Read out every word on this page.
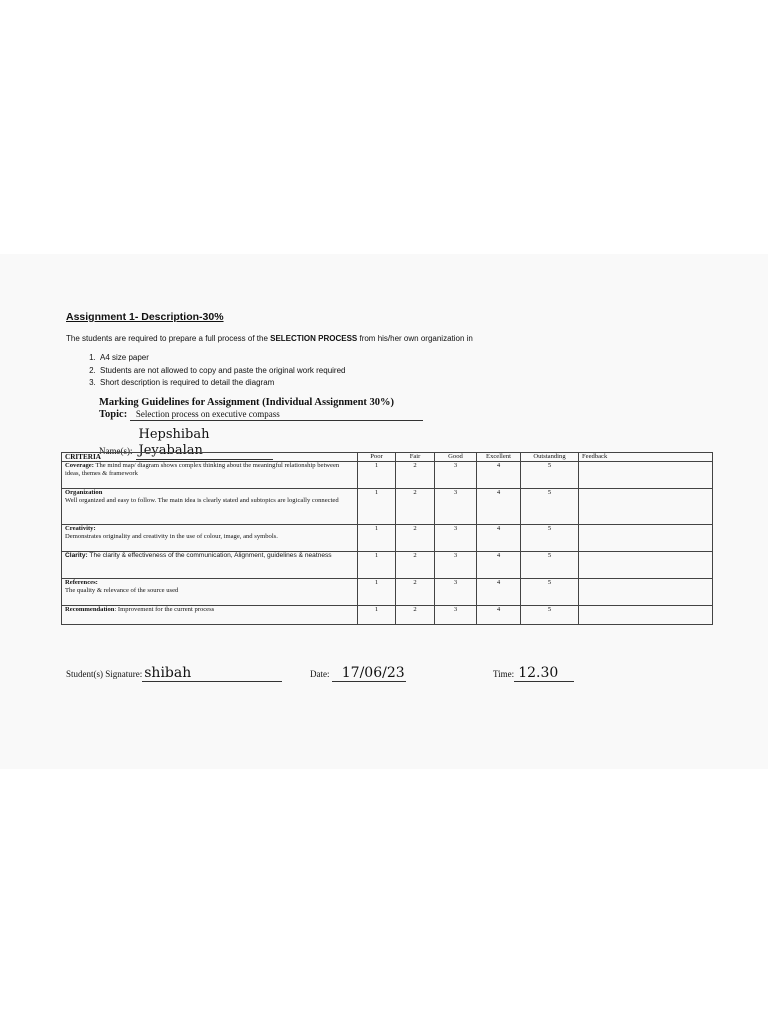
Assignment 1- Description-30%
The students are required to prepare a full process of the SELECTION PROCESS from his/her own organization in
1. A4 size paper
2. Students are not allowed to copy and paste the original work required
3. Short description is required to detail the diagram
Marking Guidelines for Assignment (Individual Assignment 30%)
Topic: Selection process on executive compass
Name(s):Hepshibah Jeyabalan
CRITERIA	Poor	Fair	Good	Excellent	Outstanding	Feedback
Coverage: The mind map/ diagram shows complex thinking about the meaningful relationship between ideas, themes & framework	1	2	3	4	5	
Organization
Well organized and easy to follow. The main idea is clearly stated and subtopics are logically connected	1	2	3	4	5	
Creativity:
Demonstrates originality and creativity in the use of colour, image, and symbols.	1	2	3	4	5	
Clarity: The clarity & effectiveness of the communication, Alignment, guidelines & neatness	1	2	3	4	5	
References:
The quality & relevance of the source used	1	2	3	4	5	
Recommendation: Improvement for the current process	1	2	3	4	5	
Student(s) Signature: shibah	Date: 17/06/23	Time: 12.30
